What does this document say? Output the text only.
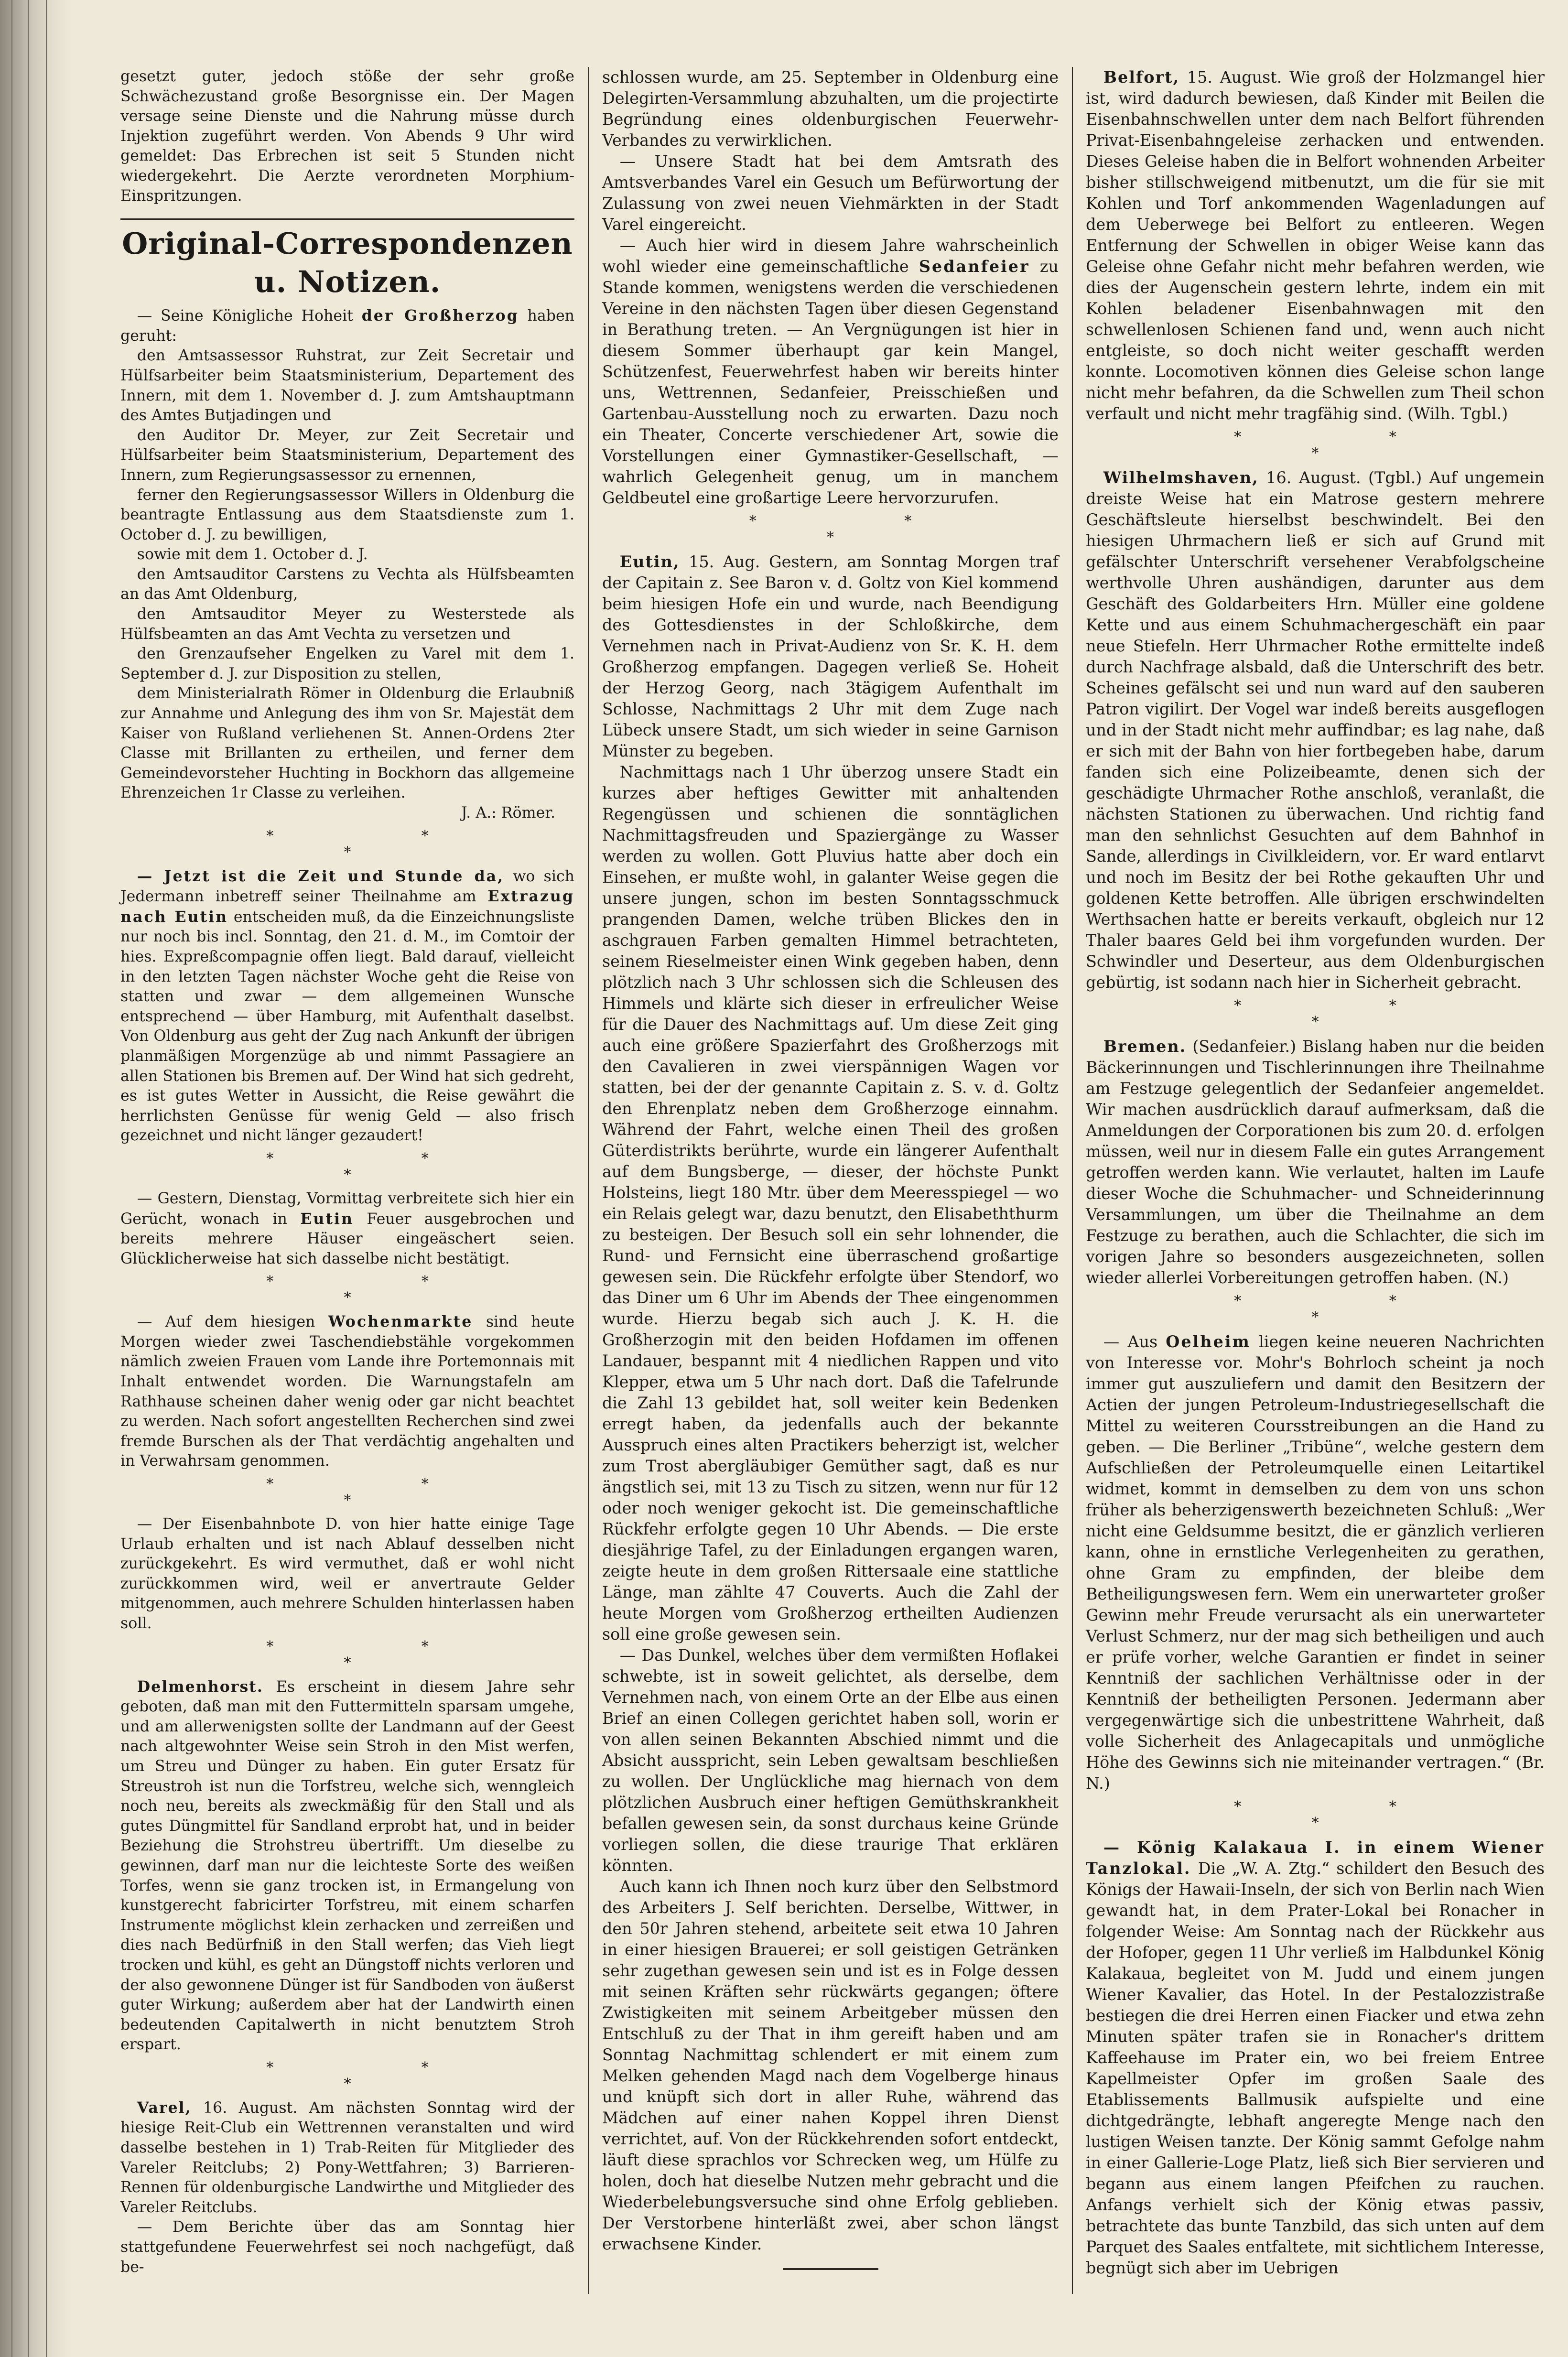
gesetzt guter, jedoch stöße der sehr große Schwächezustand große Besorgnisse ein. Der Magen versage seine Dienste und die Nahrung müsse durch Injektion zugeführt werden. Von Abends 9 Uhr wird gemeldet: Das Erbrechen ist seit 5 Stunden nicht wiedergekehrt. Die Aerzte verordneten Morphium-Einspritzungen.

Original-Correspondenzen u. Notizen.

— Seine Königliche Hoheit der Großherzog haben geruht:

den Amtsassessor Ruhstrat, zur Zeit Secretair und Hülfsarbeiter beim Staatsministerium, Departement des Innern, mit dem 1. November d. J. zum Amtshauptmann des Amtes Butjadingen und

den Auditor Dr. Meyer, zur Zeit Secretair und Hülfsarbeiter beim Staatsministerium, Departement des Innern, zum Regierungsassessor zu ernennen,

ferner den Regierungsassessor Willers in Oldenburg die beantragte Entlassung aus dem Staatsdienste zum 1. October d. J. zu bewilligen,

sowie mit dem 1. October d. J.

den Amtsauditor Carstens zu Vechta als Hülfsbeamten an das Amt Oldenburg,

den Amtsauditor Meyer zu Westerstede als Hülfsbeamten an das Amt Vechta zu versetzen und

den Grenzaufseher Engelken zu Varel mit dem 1. September d. J. zur Disposition zu stellen,

dem Ministerialrath Römer in Oldenburg die Erlaubniß zur Annahme und Anlegung des ihm von Sr. Majestät dem Kaiser von Rußland verliehenen St. Annen-Ordens 2ter Classe mit Brillanten zu ertheilen, und ferner dem Gemeindevorsteher Huchting in Bockhorn das allgemeine Ehrenzeichen 1r Classe zu verleihen.

J. A.: Römer.

* * *

— Jetzt ist die Zeit und Stunde da, wo sich Jedermann inbetreff seiner Theilnahme am Extrazug nach Eutin entscheiden muß, da die Einzeichnungsliste nur noch bis incl. Sonntag, den 21. d. M., im Comtoir der hies. Expreßcompagnie offen liegt. Bald darauf, vielleicht in den letzten Tagen nächster Woche geht die Reise von statten und zwar — dem allgemeinen Wunsche entsprechend — über Hamburg, mit Aufenthalt daselbst. Von Oldenburg aus geht der Zug nach Ankunft der übrigen planmäßigen Morgenzüge ab und nimmt Passagiere an allen Stationen bis Bremen auf. Der Wind hat sich gedreht, es ist gutes Wetter in Aussicht, die Reise gewährt die herrlichsten Genüsse für wenig Geld — also frisch gezeichnet und nicht länger gezaudert!

* * *

— Gestern, Dienstag, Vormittag verbreitete sich hier ein Gerücht, wonach in Eutin Feuer ausgebrochen und bereits mehrere Häuser eingeäschert seien. Glücklicherweise hat sich dasselbe nicht bestätigt.

* * *

— Auf dem hiesigen Wochenmarkte sind heute Morgen wieder zwei Taschendiebstähle vorgekommen nämlich zweien Frauen vom Lande ihre Portemonnais mit Inhalt entwendet worden. Die Warnungstafeln am Rathhause scheinen daher wenig oder gar nicht beachtet zu werden. Nach sofort angestellten Recherchen sind zwei fremde Burschen als der That verdächtig angehalten und in Verwahrsam genommen.

* * *

— Der Eisenbahnbote D. von hier hatte einige Tage Urlaub erhalten und ist nach Ablauf desselben nicht zurückgekehrt. Es wird vermuthet, daß er wohl nicht zurückkommen wird, weil er anvertraute Gelder mitgenommen, auch mehrere Schulden hinterlassen haben soll.

* * *

Delmenhorst. Es erscheint in diesem Jahre sehr geboten, daß man mit den Futtermitteln sparsam umgehe, und am allerwenigsten sollte der Landmann auf der Geest nach altgewohnter Weise sein Stroh in den Mist werfen, um Streu und Dünger zu haben. Ein guter Ersatz für Streustroh ist nun die Torfstreu, welche sich, wenngleich noch neu, bereits als zweckmäßig für den Stall und als gutes Düngmittel für Sandland erprobt hat, und in beider Beziehung die Strohstreu übertrifft. Um dieselbe zu gewinnen, darf man nur die leichteste Sorte des weißen Torfes, wenn sie ganz trocken ist, in Ermangelung von kunstgerecht fabricirter Torfstreu, mit einem scharfen Instrumente möglichst klein zerhacken und zerreißen und dies nach Bedürfniß in den Stall werfen; das Vieh liegt trocken und kühl, es geht an Düngstoff nichts verloren und der also gewonnene Dünger ist für Sandboden von äußerst guter Wirkung; außerdem aber hat der Landwirth einen bedeutenden Capitalwerth in nicht benutztem Stroh erspart.

* * *

Varel, 16. August. Am nächsten Sonntag wird der hiesige Reit-Club ein Wettrennen veranstalten und wird dasselbe bestehen in 1) Trab-Reiten für Mitglieder des Vareler Reitclubs; 2) Pony-Wettfahren; 3) Barrieren-Rennen für oldenburgische Landwirthe und Mitglieder des Vareler Reitclubs.

— Dem Berichte über das am Sonntag hier stattgefundene Feuerwehrfest sei noch nachgefügt, daß be-

schlossen wurde, am 25. September in Oldenburg eine Delegirten-Versammlung abzuhalten, um die projectirte Begründung eines oldenburgischen Feuerwehr-Verbandes zu verwirklichen.

— Unsere Stadt hat bei dem Amtsrath des Amtsverbandes Varel ein Gesuch um Befürwortung der Zulassung von zwei neuen Viehmärkten in der Stadt Varel eingereicht.

— Auch hier wird in diesem Jahre wahrscheinlich wohl wieder eine gemeinschaftliche Sedanfeier zu Stande kommen, wenigstens werden die verschiedenen Vereine in den nächsten Tagen über diesen Gegenstand in Berathung treten. — An Vergnügungen ist hier in diesem Sommer überhaupt gar kein Mangel, Schützenfest, Feuerwehrfest haben wir bereits hinter uns, Wettrennen, Sedanfeier, Preisschießen und Gartenbau-Ausstellung noch zu erwarten. Dazu noch ein Theater, Concerte verschiedener Art, sowie die Vorstellungen einer Gymnastiker-Gesellschaft, — wahrlich Gelegenheit genug, um in manchem Geldbeutel eine großartige Leere hervorzurufen.

* * *

Eutin, 15. Aug. Gestern, am Sonntag Morgen traf der Capitain z. See Baron v. d. Goltz von Kiel kommend beim hiesigen Hofe ein und wurde, nach Beendigung des Gottesdienstes in der Schloßkirche, dem Vernehmen nach in Privat-Audienz von Sr. K. H. dem Großherzog empfangen. Dagegen verließ Se. Hoheit der Herzog Georg, nach 3tägigem Aufenthalt im Schlosse, Nachmittags 2 Uhr mit dem Zuge nach Lübeck unsere Stadt, um sich wieder in seine Garnison Münster zu begeben.

Nachmittags nach 1 Uhr überzog unsere Stadt ein kurzes aber heftiges Gewitter mit anhaltenden Regengüssen und schienen die sonntäglichen Nachmittagsfreuden und Spaziergänge zu Wasser werden zu wollen. Gott Pluvius hatte aber doch ein Einsehen, er mußte wohl, in galanter Weise gegen die unsere jungen, schon im besten Sonntagsschmuck prangenden Damen, welche trüben Blickes den in aschgrauen Farben gemalten Himmel betrachteten, seinem Rieselmeister einen Wink gegeben haben, denn plötzlich nach 3 Uhr schlossen sich die Schleusen des Himmels und klärte sich dieser in erfreulicher Weise für die Dauer des Nachmittags auf. Um diese Zeit ging auch eine größere Spazierfahrt des Großherzogs mit den Cavalieren in zwei vierspännigen Wagen vor statten, bei der der genannte Capitain z. S. v. d. Goltz den Ehrenplatz neben dem Großherzoge einnahm. Während der Fahrt, welche einen Theil des großen Güterdistrikts berührte, wurde ein längerer Aufenthalt auf dem Bungsberge, — dieser, der höchste Punkt Holsteins, liegt 180 Mtr. über dem Meeresspiegel — wo ein Relais gelegt war, dazu benutzt, den Elisabeththurm zu besteigen. Der Besuch soll ein sehr lohnender, die Rund- und Fernsicht eine überraschend großartige gewesen sein. Die Rückfehr erfolgte über Stendorf, wo das Diner um 6 Uhr im Abends der Thee eingenommen wurde. Hierzu begab sich auch J. K. H. die Großherzogin mit den beiden Hofdamen im offenen Landauer, bespannt mit 4 niedlichen Rappen und vito Klepper, etwa um 5 Uhr nach dort. Daß die Tafelrunde die Zahl 13 gebildet hat, soll weiter kein Bedenken erregt haben, da jedenfalls auch der bekannte Ausspruch eines alten Practikers beherzigt ist, welcher zum Trost abergläubiger Gemüther sagt, daß es nur ängstlich sei, mit 13 zu Tisch zu sitzen, wenn nur für 12 oder noch weniger gekocht ist. Die gemeinschaftliche Rückfehr erfolgte gegen 10 Uhr Abends. — Die erste diesjährige Tafel, zu der Einladungen ergangen waren, zeigte heute in dem großen Rittersaale eine stattliche Länge, man zählte 47 Couverts. Auch die Zahl der heute Morgen vom Großherzog ertheilten Audienzen soll eine große gewesen sein.

— Das Dunkel, welches über dem vermißten Hoflakei schwebte, ist in soweit gelichtet, als derselbe, dem Vernehmen nach, von einem Orte an der Elbe aus einen Brief an einen Collegen gerichtet haben soll, worin er von allen seinen Bekannten Abschied nimmt und die Absicht ausspricht, sein Leben gewaltsam beschließen zu wollen. Der Unglückliche mag hiernach von dem plötzlichen Ausbruch einer heftigen Gemüthskrankheit befallen gewesen sein, da sonst durchaus keine Gründe vorliegen sollen, die diese traurige That erklären könnten.

Auch kann ich Ihnen noch kurz über den Selbstmord des Arbeiters J. Self berichten. Derselbe, Wittwer, in den 50r Jahren stehend, arbeitete seit etwa 10 Jahren in einer hiesigen Brauerei; er soll geistigen Getränken sehr zugethan gewesen sein und ist es in Folge dessen mit seinen Kräften sehr rückwärts gegangen; öftere Zwistigkeiten mit seinem Arbeitgeber müssen den Entschluß zu der That in ihm gereift haben und am Sonntag Nachmittag schlendert er mit einem zum Melken gehenden Magd nach dem Vogelberge hinaus und knüpft sich dort in aller Ruhe, während das Mädchen auf einer nahen Koppel ihren Dienst verrichtet, auf. Von der Rückkehrenden sofort entdeckt, läuft diese sprachlos vor Schrecken weg, um Hülfe zu holen, doch hat dieselbe Nutzen mehr gebracht und die Wiederbelebungsversuche sind ohne Erfolg geblieben. Der Verstorbene hinterläßt zwei, aber schon längst erwachsene Kinder.

Belfort, 15. August. Wie groß der Holzmangel hier ist, wird dadurch bewiesen, daß Kinder mit Beilen die Eisenbahnschwellen unter dem nach Belfort führenden Privat-Eisenbahngeleise zerhacken und entwenden. Dieses Geleise haben die in Belfort wohnenden Arbeiter bisher stillschweigend mitbenutzt, um die für sie mit Kohlen und Torf ankommenden Wagenladungen auf dem Ueberwege bei Belfort zu entleeren. Wegen Entfernung der Schwellen in obiger Weise kann das Geleise ohne Gefahr nicht mehr befahren werden, wie dies der Augenschein gestern lehrte, indem ein mit Kohlen beladener Eisenbahnwagen mit den schwellenlosen Schienen fand und, wenn auch nicht entgleiste, so doch nicht weiter geschafft werden konnte. Locomotiven können dies Geleise schon lange nicht mehr befahren, da die Schwellen zum Theil schon verfault und nicht mehr tragfähig sind. (Wilh. Tgbl.)

* * *

Wilhelmshaven, 16. August. (Tgbl.) Auf ungemein dreiste Weise hat ein Matrose gestern mehrere Geschäftsleute hierselbst beschwindelt. Bei den hiesigen Uhrmachern ließ er sich auf Grund mit gefälschter Unterschrift versehener Verabfolgscheine werthvolle Uhren aushändigen, darunter aus dem Geschäft des Goldarbeiters Hrn. Müller eine goldene Kette und aus einem Schuhmachergeschäft ein paar neue Stiefeln. Herr Uhrmacher Rothe ermittelte indeß durch Nachfrage alsbald, daß die Unterschrift des betr. Scheines gefälscht sei und nun ward auf den sauberen Patron vigilirt. Der Vogel war indeß bereits ausgeflogen und in der Stadt nicht mehr auffindbar; es lag nahe, daß er sich mit der Bahn von hier fortbegeben habe, darum fanden sich eine Polizeibeamte, denen sich der geschädigte Uhrmacher Rothe anschloß, veranlaßt, die nächsten Stationen zu überwachen. Und richtig fand man den sehnlichst Gesuchten auf dem Bahnhof in Sande, allerdings in Civilkleidern, vor. Er ward entlarvt und noch im Besitz der bei Rothe gekauften Uhr und goldenen Kette betroffen. Alle übrigen erschwindelten Werthsachen hatte er bereits verkauft, obgleich nur 12 Thaler baares Geld bei ihm vorgefunden wurden. Der Schwindler und Deserteur, aus dem Oldenburgischen gebürtig, ist sodann nach hier in Sicherheit gebracht.

* * *

Bremen. (Sedanfeier.) Bislang haben nur die beiden Bäckerinnungen und Tischlerinnungen ihre Theilnahme am Festzuge gelegentlich der Sedanfeier angemeldet. Wir machen ausdrücklich darauf aufmerksam, daß die Anmeldungen der Corporationen bis zum 20. d. erfolgen müssen, weil nur in diesem Falle ein gutes Arrangement getroffen werden kann. Wie verlautet, halten im Laufe dieser Woche die Schuhmacher- und Schneiderinnung Versammlungen, um über die Theilnahme an dem Festzuge zu berathen, auch die Schlachter, die sich im vorigen Jahre so besonders ausgezeichneten, sollen wieder allerlei Vorbereitungen getroffen haben. (N.)

* * *

— Aus Oelheim liegen keine neueren Nachrichten von Interesse vor. Mohr's Bohrloch scheint ja noch immer gut auszuliefern und damit den Besitzern der Actien der jungen Petroleum-Industriegesellschaft die Mittel zu weiteren Coursstreibungen an die Hand zu geben. — Die Berliner „Tribüne“, welche gestern dem Aufschließen der Petroleumquelle einen Leitartikel widmet, kommt in demselben zu dem von uns schon früher als beherzigenswerth bezeichneten Schluß: „Wer nicht eine Geldsumme besitzt, die er gänzlich verlieren kann, ohne in ernstliche Verlegenheiten zu gerathen, ohne Gram zu empfinden, der bleibe dem Betheiligungswesen fern. Wem ein unerwarteter großer Gewinn mehr Freude verursacht als ein unerwarteter Verlust Schmerz, nur der mag sich betheiligen und auch er prüfe vorher, welche Garantien er findet in seiner Kenntniß der sachlichen Verhältnisse oder in der Kenntniß der betheiligten Personen. Jedermann aber vergegenwärtige sich die unbestrittene Wahrheit, daß volle Sicherheit des Anlagecapitals und unmögliche Höhe des Gewinns sich nie miteinander vertragen.“ (Br. N.)

* * *

— König Kalakaua I. in einem Wiener Tanzlokal. Die „W. A. Ztg.“ schildert den Besuch des Königs der Hawaii-Inseln, der sich von Berlin nach Wien gewandt hat, in dem Prater-Lokal bei Ronacher in folgender Weise: Am Sonntag nach der Rückkehr aus der Hofoper, gegen 11 Uhr verließ im Halbdunkel König Kalakaua, begleitet von M. Judd und einem jungen Wiener Kavalier, das Hotel. In der Pestalozzistraße bestiegen die drei Herren einen Fiacker und etwa zehn Minuten später trafen sie in Ronacher's drittem Kaffeehause im Prater ein, wo bei freiem Entree Kapellmeister Opfer im großen Saale des Etablissements Ballmusik aufspielte und eine dichtgedrängte, lebhaft angeregte Menge nach den lustigen Weisen tanzte. Der König sammt Gefolge nahm in einer Gallerie-Loge Platz, ließ sich Bier servieren und begann aus einem langen Pfeifchen zu rauchen. Anfangs verhielt sich der König etwas passiv, betrachtete das bunte Tanzbild, das sich unten auf dem Parquet des Saales entfaltete, mit sichtlichem Interesse, begnügt sich aber im Uebrigen
